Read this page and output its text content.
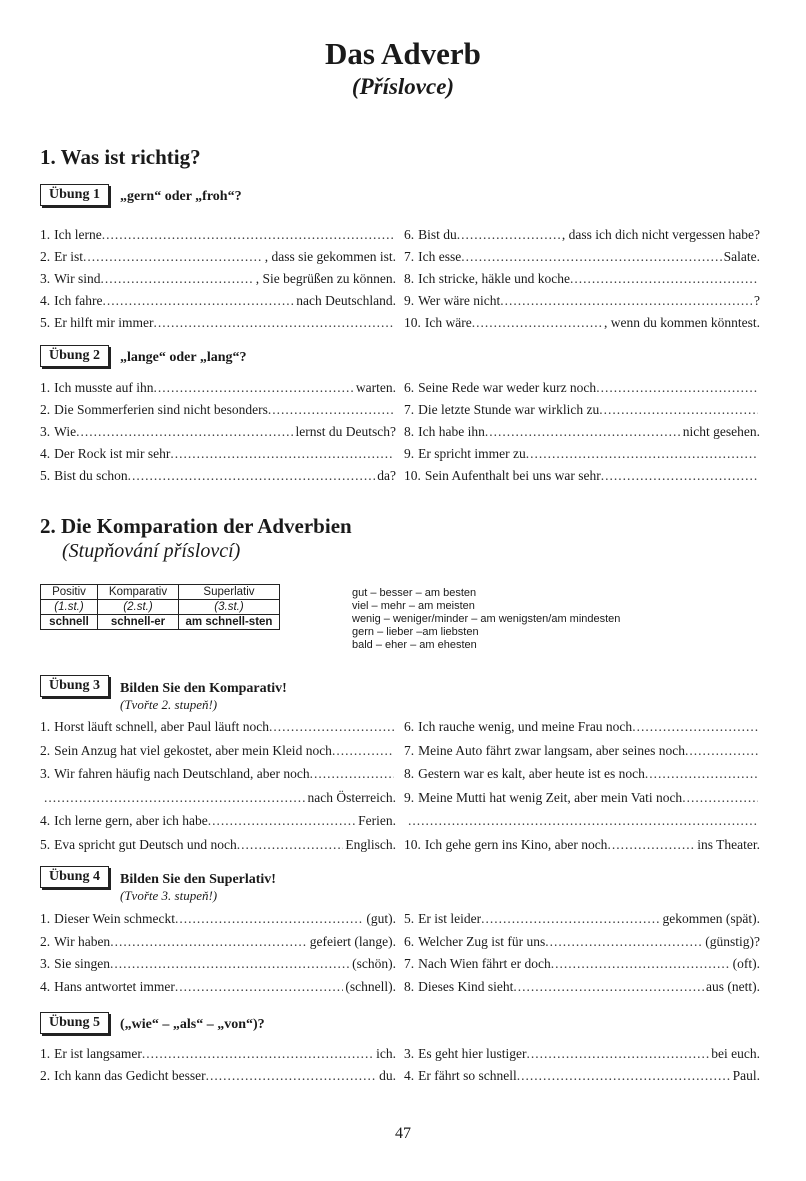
Das Adverb
(Příslovce)
1. Was ist richtig?
Übung 1	„gern“ oder „froh“?
1. Ich lerne
.....
2. Er ist .....	, dass sie gekommen ist.
3. Wir sind .....	, Sie begrüßen zu können.
4. Ich fahre .....	nach Deutschland.
5. Er hilft mir immer
.....
6. Bist du .....	, dass ich dich nicht vergessen habe?
7. Ich esse .....	Salate.
8. Ich stricke, häkle und koche
.....
9. Wer wäre nicht .....	?
10. Ich wäre .....	, wenn du kommen könntest.
Übung 2	„lange“ oder „lang“?
1. Ich musste auf ihn .....	warten.
2. Die Sommerferien sind nicht besonders
.....
3. Wie .....	lernst du Deutsch?
4. Der Rock ist mir sehr
.....
5. Bist du schon .....	da?
6. Seine Rede war weder kurz noch
.....
7. Die letzte Stunde war wirklich zu
.....
8. Ich habe ihn .....	nicht gesehen.
9. Er spricht immer zu
.....
10. Sein Aufenthalt bei uns war sehr
.....
2. Die Komparation der Adverbien
(Stupňování příslovcí)
Positiv	Komparativ	Superlativ
(1.st.)	(2.st.)	(3.st.)
schnell	schnell-er	am schnell-sten
gut – besser – am besten
viel – mehr – am meisten
wenig – weniger/minder – am wenigsten/am mindesten
gern – lieber –am liebsten
bald – eher – am ehesten
Übung 3	Bilden Sie den Komparativ!
(Tvořte 2. stupeň!)
1. Horst läuft schnell, aber Paul läuft noch
.....
2. Sein Anzug hat viel gekostet, aber mein Kleid noch
.....
3. Wir fahren häufig nach Deutschland, aber noch
.....
.....
nach Österreich.
4. Ich lerne gern, aber ich habe .....	Ferien.
5. Eva spricht gut Deutsch und noch .....	Englisch.
6. Ich rauche wenig, und meine Frau noch
.....
7. Meine Auto fährt zwar langsam, aber seines noch
.....
8. Gestern war es kalt, aber heute ist es noch
.....
9. Meine Mutti hat wenig Zeit, aber mein Vati noch
.....
.....
10. Ich gehe gern ins Kino, aber noch .....	ins Theater.
Übung 4	Bilden Sie den Superlativ!
(Tvořte 3. stupeň!)
1. Dieser Wein schmeckt .....	(gut).
2. Wir haben .....	gefeiert (lange).
3. Sie singen .....	(schön).
4. Hans antwortet immer .....	(schnell).
5. Er ist leider .....	gekommen (spät).
6. Welcher Zug ist für uns .....	(günstig)?
7. Nach Wien fährt er doch .....	(oft).
8. Dieses Kind sieht .....	aus (nett).
Übung 5	(„wie“ – „als“ – „von“)?
1. Er ist langsamer .....	ich.
2. Ich kann das Gedicht besser .....	du.
3. Es geht hier lustiger .....	bei euch.
4. Er fährt so schnell .....	Paul.
47
